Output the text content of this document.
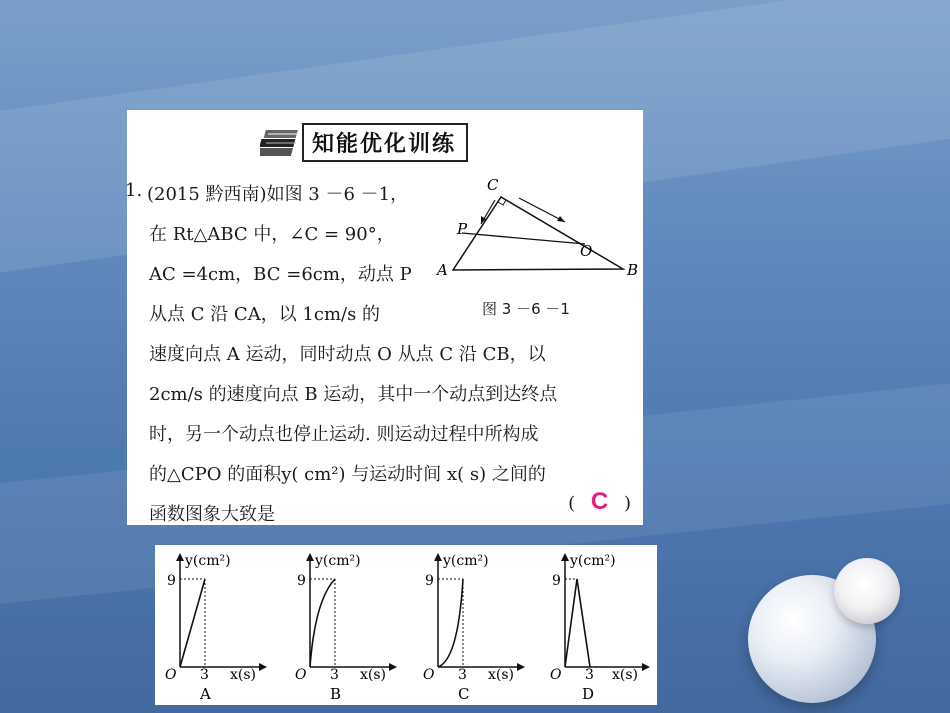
知能优化训练
1. (2015 黔西南)如图 3 －6 －1，
在 Rt△ABC 中，∠C = 90°，
AC =4cm，BC =6cm，动点 P
从点 C 沿 CA，以 1cm/s 的
速度向点 A 运动，同时动点 O 从点 C 沿 CB，以
2cm/s 的速度向点 B 运动，其中一个动点到达终点
时，另一个动点也停止运动. 则运动过程中所构成
的△CPO 的面积y( cm²) 与运动时间 x( s) 之间的
函数图象大致是
( C )
C
P
O
A	B
图 3 －6 －1
y(cm²)
9
O 3 x(s)
A
y(cm²)
9
O 3 x(s)
B
y(cm²)
9
O 3 x(s)
C
y(cm²)
9
O 3 x(s)
D
